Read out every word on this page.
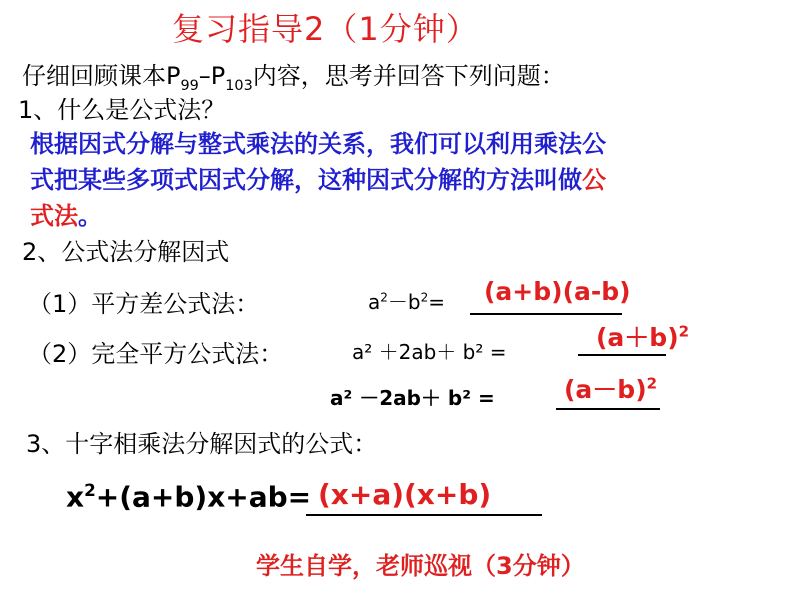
复习指导2（1分钟）
仔细回顾课本$P_{99}-P_{103}$内容，思考并回答下列问题：
1、什么是公式法？
根据因式分解与整式乘法的关系，我们可以利用乘法公
式把某些多项式因式分解，这种因式分解的方法叫做公
式法。
2、公式法分解因式
（1）平方差公式法：	$a^2-b^2= (a+b)(a-b)$
（2）完全平方公式法：	a² ＋2ab＋ b² =	$(a+b)^2$
a² －2ab＋ b² =	$(a-b)^2$
3、十字相乘法分解因式的公式：
$x^2+(a+b)x+ab= (x+a)(x+b)$
学生自学，老师巡视（3分钟）
